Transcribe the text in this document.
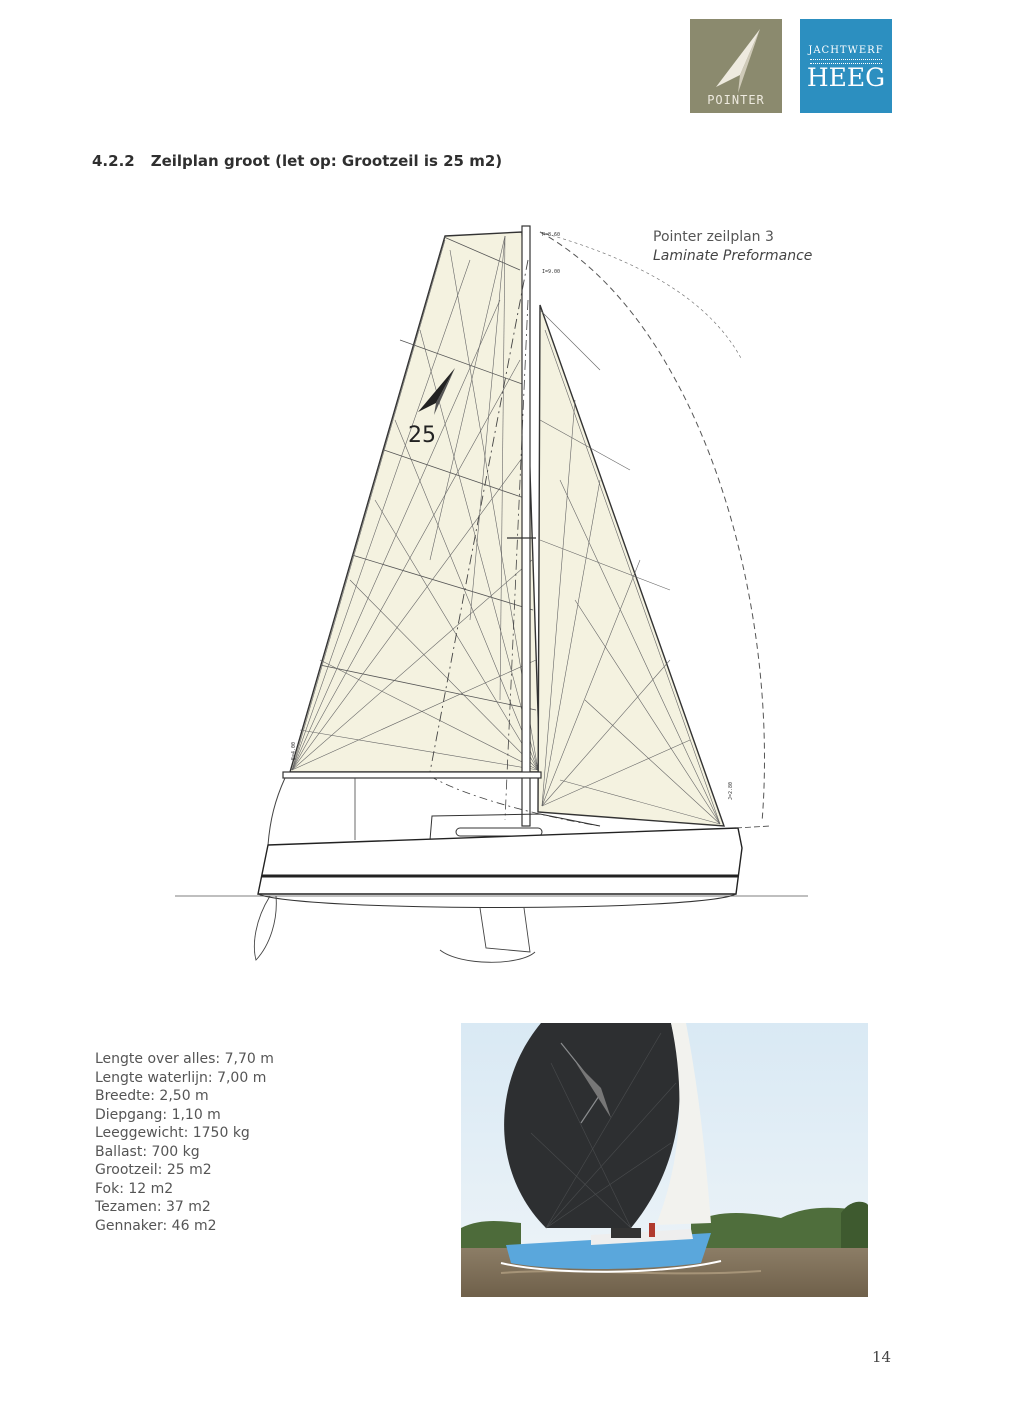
POINTER
JACHTWERF
HEEG
4.2.2 Zeilplan groot (let op: Grootzeil is 25 m2)
25
P=8.60
I=9.00
E=4.00
J=2.80
Pointer zeilplan 3
Laminate Preformance
Lengte over alles: 7,70 m
Lengte waterlijn: 7,00 m
Breedte: 2,50 m
Diepgang: 1,10 m
Leeggewicht: 1750 kg
Ballast: 700 kg
Grootzeil: 25 m2
Fok: 12 m2
Tezamen: 37 m2
Gennaker: 46 m2
14
